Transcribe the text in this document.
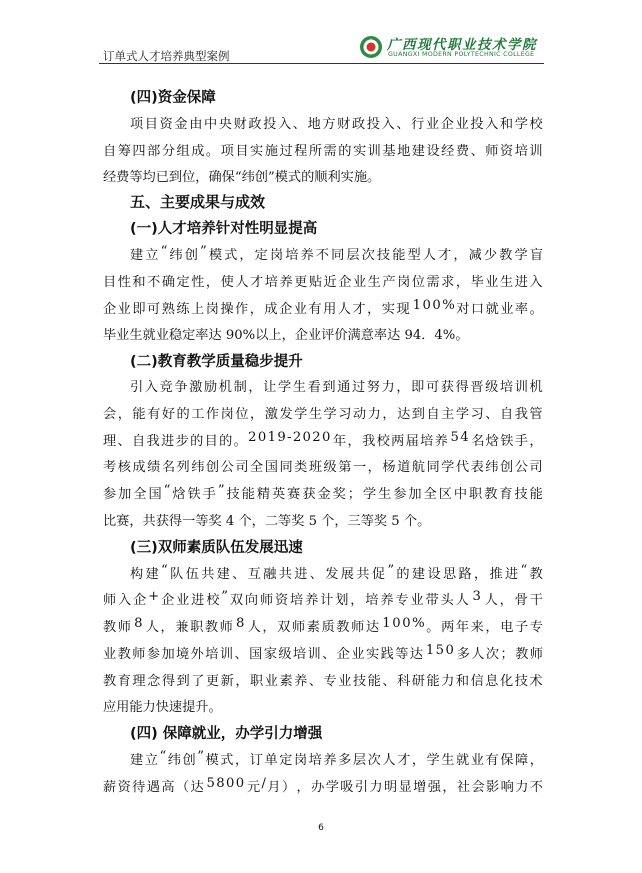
订单式人才培养典型案例
广西现代职业技术学院
GUANGXI MODERN POLYTECHNIC COLLEGE
(四)资金保障
项 目 资 金 由 中 央 财 政 投 入 、 地 方 财 政 投 入 、 行 业 企 业 投 入 和 学 校
自 筹 四 部 分 组 成 。 项 目 实 施 过 程 所 需 的 实 训 基 地 建 设 经 费 、 师 资 培 训
经费等均已到位，确保“纬创”模式的顺利实施。
五、主要成果与成效
(一)人才培养针对性明显提高
建 立 “ 纬 创 ” 模 式 ， 定 岗 培 养 不 同 层 次 技 能 型 人 才 ， 减 少 教 学 盲
目 性 和 不 确 定 性 ， 使 人 才 培 养 更 贴 近 企 业 生 产 岗 位 需 求 ， 毕 业 生 进 入
企 业 即 可 熟 练 上 岗 操 作 ， 成 企 业 有 用 人 才 ， 实 现 1 0 0 % 对 口 就 业 率 。
毕业生就业稳定率达 90%以上，企业评价满意率达 94．4%。
(二)教育教学质量稳步提升
引 入 竞 争 激 励 机 制 ， 让 学 生 看 到 通 过 努 力 ， 即 可 获 得 晋 级 培 训 机
会 ， 能 有 好 的 工 作 岗 位 ， 激 发 学 生 学 习 动 力 ， 达 到 自 主 学 习 、 自 我 管
理 、 自 我 进 步 的 目 的 。 2 0 1 9 - 2 0 2 0 年 ， 我 校 两 届 培 养 5 4 名 焓 铁 手 ，
考 核 成 绩 名 列 纬 创 公 司 全 国 同 类 班 级 第 一 ， 杨 道 航 同 学 代 表 纬 创 公 司
参 加 全 国 “ 焓 铁 手 ” 技 能 精 英 赛 获 金 奖 ； 学 生 参 加 全 区 中 职 教 育 技 能
比赛，共获得一等奖 4 个，二等奖 5 个，三等奖 5 个。
(三)双师素质队伍发展迅速
构 建 “ 队 伍 共 建 、 互 融 共 进 、 发 展 共 促 ” 的 建 设 思 路 ， 推 进 “ 教
师 入 企 + 企 业 进 校 ” 双 向 师 资 培 养 计 划 ， 培 养 专 业 带 头 人 3 人 ， 骨 干
教 师 8 人 ， 兼 职 教 师 8 人 ， 双 师 素 质 教 师 达 1 0 0 % 。 两 年 来 ， 电 子 专
业 教 师 参 加 境 外 培 训 、 国 家 级 培 训 、 企 业 实 践 等 达 1 5 0 多 人 次 ； 教 师
教 育 理 念 得 到 了 更 新 ， 职 业 素 养 、 专 业 技 能 、 科 研 能 力 和 信 息 化 技 术
应用能力快速提升。
(四) 保障就业，办学引力增强
建 立 “ 纬 创 ” 模 式 ， 订 单 定 岗 培 养 多 层 次 人 才 ， 学 生 就 业 有 保 障 ，
薪 资 待 遇 高 （ 达 5 8 0 0 元 / 月 ） ， 办 学 吸 引 力 明 显 增 强 ， 社 会 影 响 力 不
6
